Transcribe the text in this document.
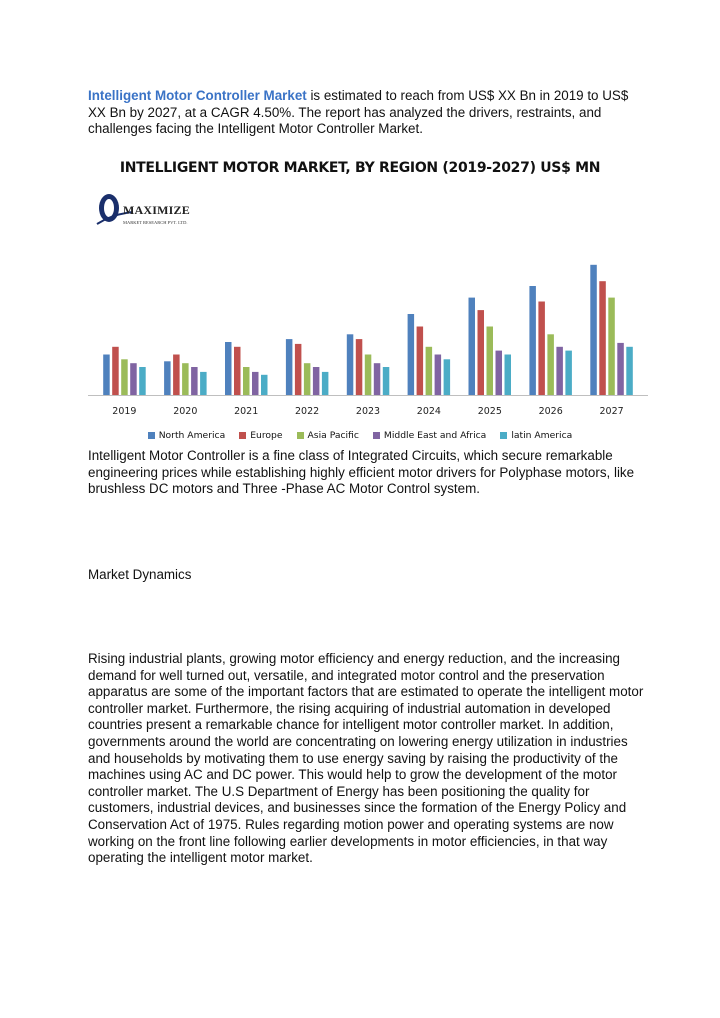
Intelligent Motor Controller Market is estimated to reach from US$ XX Bn in 2019 to US$ XX Bn by 2027, at a CAGR 4.50%. The report has analyzed the drivers, restraints, and challenges facing the Intelligent Motor Controller Market.

INTELLIGENT MOTOR MARKET, BY REGION (2019-2027) US$ MN
MAXIMIZE
MARKET RESEARCH PVT. LTD.
2019	2020	2021	2022	2023	2024	2025	2026	2027
North America	Europe	Asia Pacific	Middle East and Africa	latin America

Intelligent Motor Controller is a fine class of Integrated Circuits, which secure remarkable engineering prices while establishing highly efficient motor drivers for Polyphase motors, like brushless DC motors and Three -Phase AC Motor Control system.

Market Dynamics

Rising industrial plants, growing motor efficiency and energy reduction, and the increasing demand for well turned out, versatile, and integrated motor control and the preservation apparatus are some of the important factors that are estimated to operate the intelligent motor controller market. Furthermore, the rising acquiring of industrial automation in developed countries present a remarkable chance for intelligent motor controller market. In addition, governments around the world are concentrating on lowering energy utilization in industries and households by motivating them to use energy saving by raising the productivity of the machines using AC and DC power. This would help to grow the development of the motor controller market. The U.S Department of Energy has been positioning the quality for customers, industrial devices, and businesses since the formation of the Energy Policy and Conservation Act of 1975. Rules regarding motion power and operating systems are now working on the front line following earlier developments in motor efficiencies, in that way operating the intelligent motor market.
